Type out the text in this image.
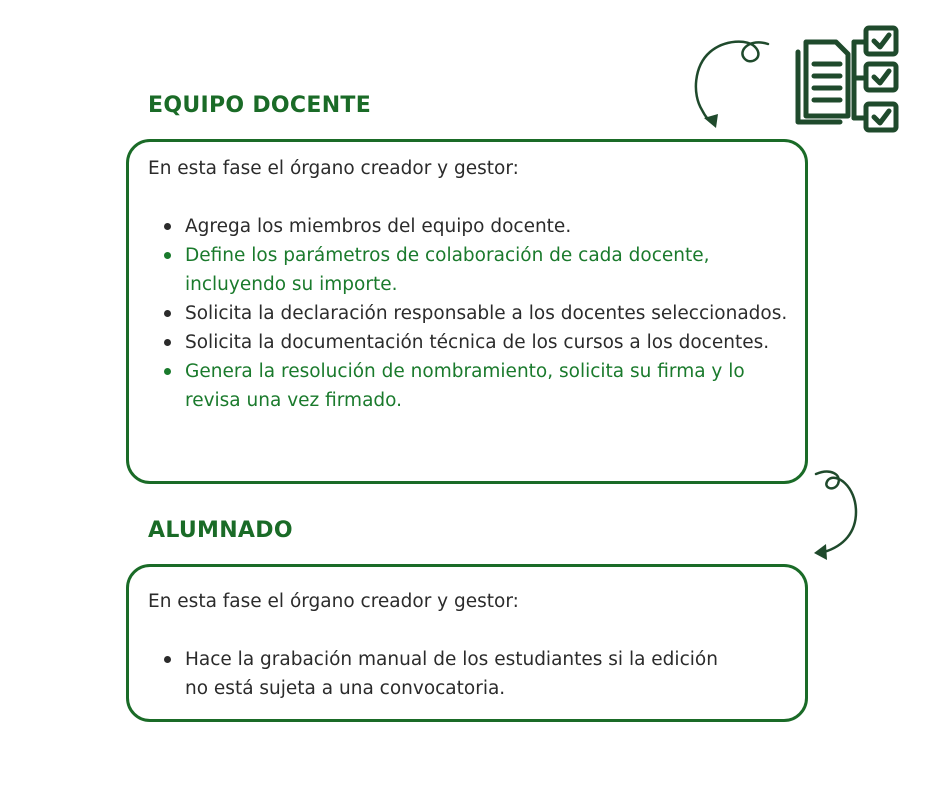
EQUIPO DOCENTE

En esta fase el órgano creador y gestor:

Agrega los miembros del equipo docente.
Define los parámetros de colaboración de cada docente, incluyendo su importe.
Solicita la declaración responsable a los docentes seleccionados.
Solicita la documentación técnica de los cursos a los docentes.
Genera la resolución de nombramiento, solicita su firma y lo revisa una vez firmado.
ALUMNADO

En esta fase el órgano creador y gestor:

Hace la grabación manual de los estudiantes si la edición no está sujeta a una convocatoria.
